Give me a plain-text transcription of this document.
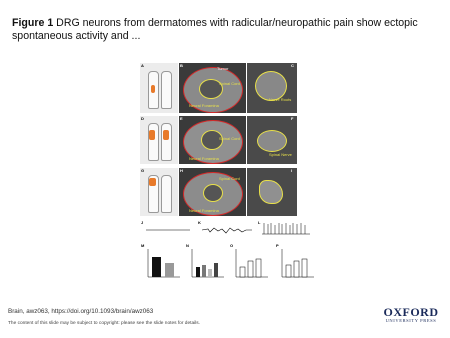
Figure 1 DRG neurons from dermatomes with radicular/neuropathic pain show ectopic spontaneous activity and ...
A	B
Tumor
Spinal Cord
Neural Foramina
C
Nerve Roots
D	E
Spinal Cord
Neural Foramina
F
Spinal Nerve
G	H
Spinal Cord
Neural Foramina
I
J	K	L
M	N	O	P
Brain, awz063, https://doi.org/10.1093/brain/awz063
The content of this slide may be subject to copyright: please see the slide notes for details.
OXFORD
UNIVERSITY PRESS
